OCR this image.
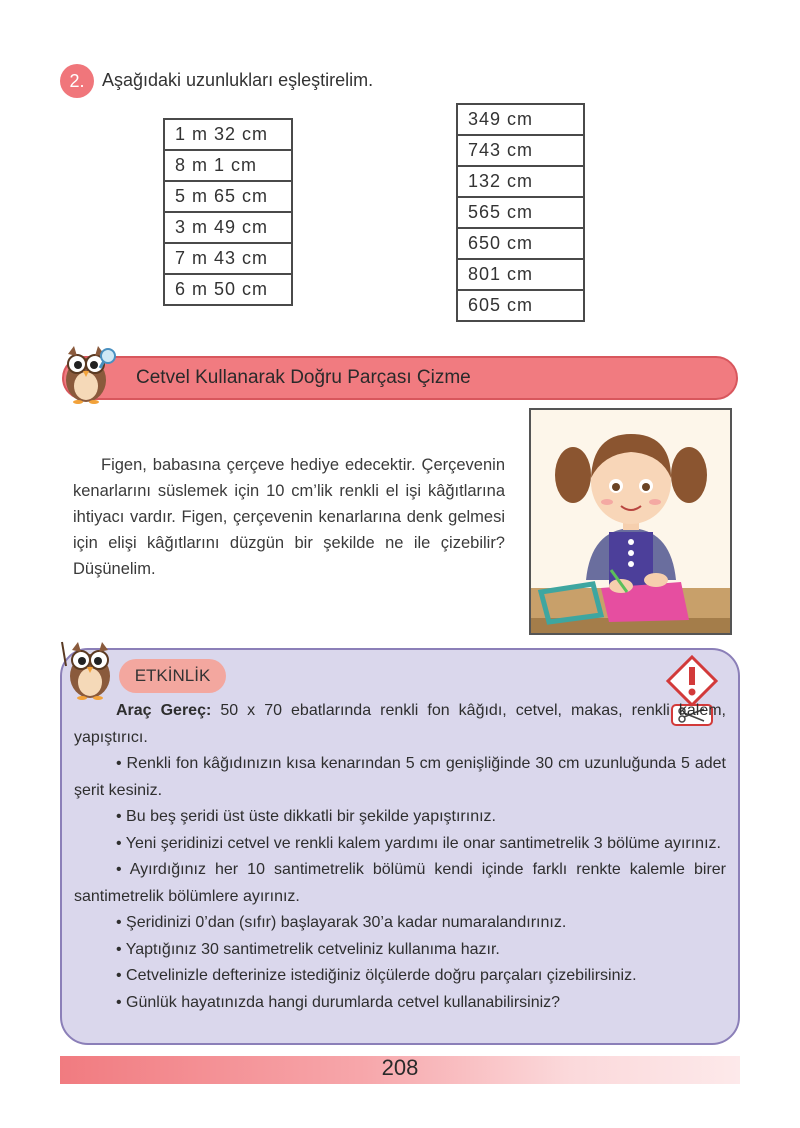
2. Aşağıdaki uzunlukları eşleştirelim.
1 m 32 cm
8 m 1 cm
5 m 65 cm
3 m 49 cm
7 m 43 cm
6 m 50 cm
349 cm
743 cm
132 cm
565 cm
650 cm
801 cm
605 cm
Cetvel Kullanarak Doğru Parçası Çizme

Figen, babasına çerçeve hediye edecektir. Çerçevenin kenarlarını süslemek için 10 cm’lik renkli el işi kâğıtlarına ihtiyacı vardır. Figen, çerçevenin kenarlarına denk gelmesi için elişi kâğıtlarını düzgün bir şekilde ne ile çizebilir? Düşünelim.

ETKİNLİK

Araç Gereç: 50 x 70 ebatlarında renkli fon kâğıdı, cetvel, makas, renkli kalem, yapıştırıcı.

• Renkli fon kâğıdınızın kısa kenarından 5 cm genişliğinde 30 cm uzunluğunda 5 adet şerit kesiniz.

• Bu beş şeridi üst üste dikkatli bir şekilde yapıştırınız.

• Yeni şeridinizi cetvel ve renkli kalem yardımı ile onar santimetrelik 3 bölüme ayırınız.

• Ayırdığınız her 10 santimetrelik bölümü kendi içinde farklı renkte kalemle birer santimetrelik bölümlere ayırınız.

• Şeridinizi 0’dan (sıfır) başlayarak 30’a kadar numaralandırınız.

• Yaptığınız 30 santimetrelik cetveliniz kullanıma hazır.

• Cetvelinizle defterinize istediğiniz ölçülerde doğru parçaları çizebilirsiniz.

• Günlük hayatınızda hangi durumlarda cetvel kullanabilirsiniz?

208
